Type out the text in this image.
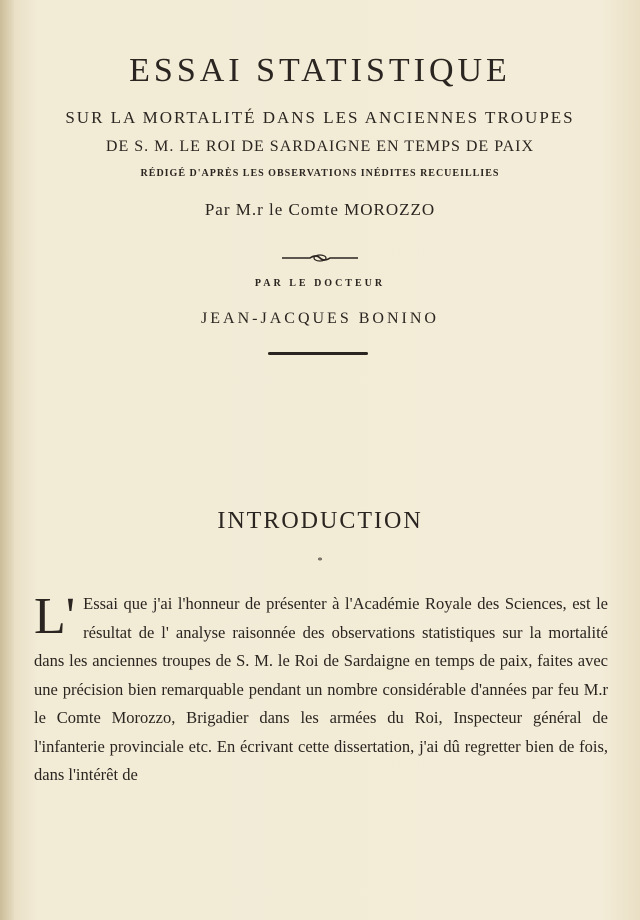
ESSAI STATISTIQUE
SUR LA MORTALITÉ DANS LES ANCIENNES TROUPES
DE S. M. LE ROI DE SARDAIGNE EN TEMPS DE PAIX
RÉDIGÉ D'APRÈS LES OBSERVATIONS INÉDITES RECUEILLIES
Par M.r le Comte MOROZZO
PAR LE DOCTEUR
JEAN-JACQUES BONINO
INTRODUCTION
*
L' Essai que j'ai l'honneur de présenter à l'Académie Royale des Sciences, est le résultat de l' analyse raisonnée des observations statistiques sur la mortalité dans les anciennes troupes de S. M. le Roi de Sardaigne en temps de paix, faites avec une précision bien remarquable pendant un nombre considérable d'années par feu M.r le Comte Morozzo, Brigadier dans les armées du Roi, Inspecteur général de l'infanterie provinciale etc. En écrivant cette dissertation, j'ai dû regretter bien de fois, dans l'intérêt de
